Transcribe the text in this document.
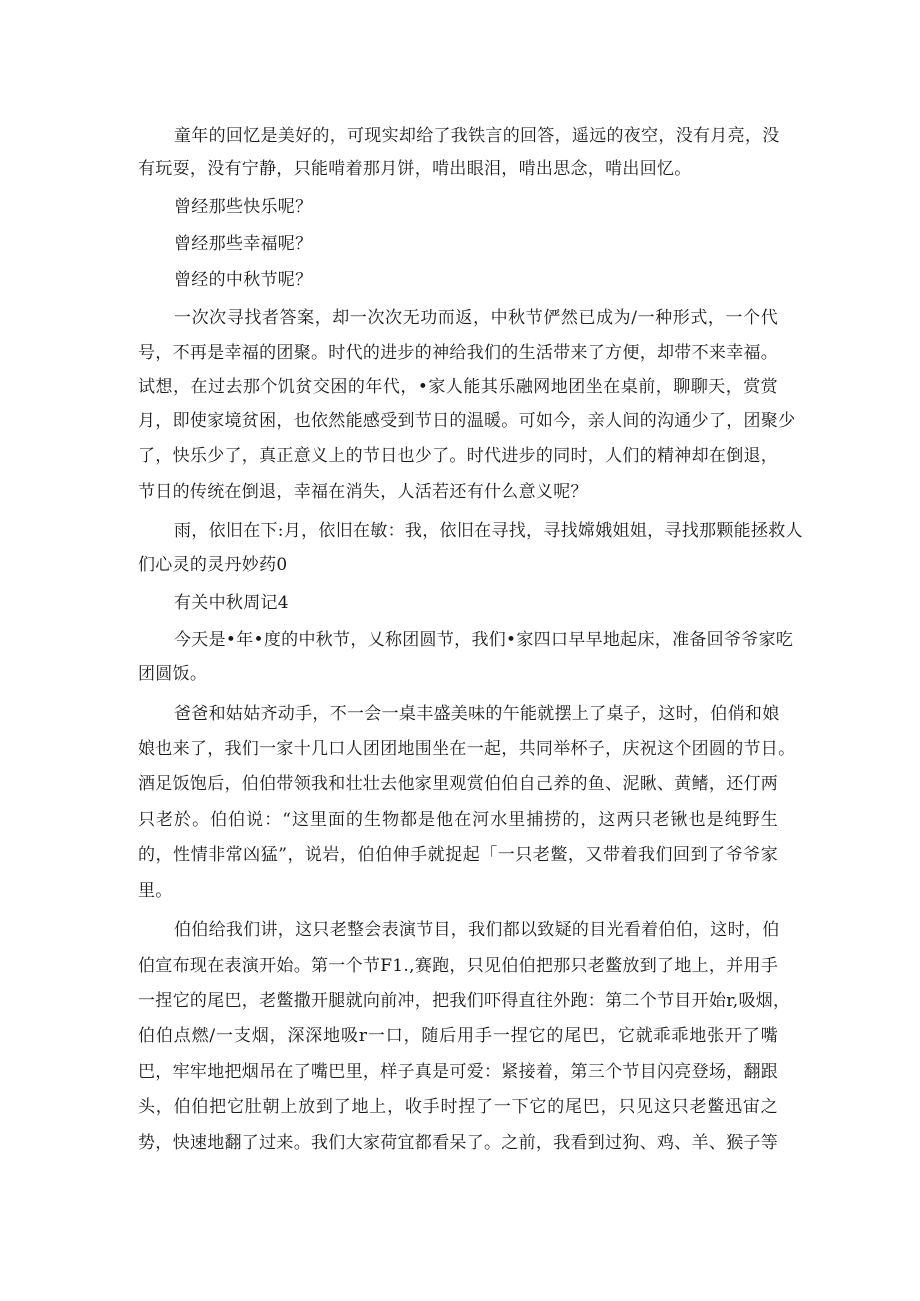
童年的回忆是美好的，可现实却给了我铁言的回答，遥远的夜空，没有月亮，没
有玩耍，没有宁静，只能啃着那月饼，啃出眼泪，啃出思念，啃出回忆。
曾经那些快乐呢？
曾经那些幸福呢？
曾经的中秋节呢？
一次次寻找者答案，却一次次无功而返，中秋节俨然已成为/一种形式，一个代
号，不再是幸福的团聚。时代的进步的神给我们的生活带来了方便，却带不来幸福。
试想，在过去那个饥贫交困的年代，•家人能其乐融网地团坐在桌前，聊聊天，赏赏
月，即使家境贫困，也依然能感受到节日的温暖。可如今，亲人间的沟通少了，团聚少
了，快乐少了，真正意义上的节日也少了。时代进步的同时，人们的精神却在倒退，
节日的传统在倒退，幸福在消失，人活若还有什么意义呢？
雨，依旧在下:月，依旧在敏：我，依旧在寻找，寻找嫦娥姐姐，寻找那颗能拯救人
们心灵的灵丹妙药0
有关中秋周记4
今天是•年•度的中秋节，乂称团圆节，我们•家四口早早地起床，准备回爷爷家吃
团圆饭。
爸爸和姑姑齐动手，不一会一桌丰盛美味的午能就摆上了桌子，这时，伯俏和娘
娘也来了，我们一家十几口人团团地围坐在一起，共同举杯子，庆祝这个团圆的节日。
酒足饭饱后，伯伯带领我和壮壮去他家里观赏伯伯自己养的鱼、泥瞅、黄鳍，还仃两
只老於。伯伯说：“这里面的生物都是他在河水里捕捞的，这两只老锹也是纯野生
的，性情非常凶猛”，说岩，伯伯伸手就捉起「一只老鳖，又带着我们回到了爷爷家
里。
伯伯给我们讲，这只老整会表演节目，我们都以致疑的目光看着伯伯，这时，伯
伯宣布现在表演开始。第一个节F1.,赛跑，只见伯伯把那只老鳖放到了地上，并用手
一捏它的尾巴，老鳖撒开腿就向前冲，把我们吓得直往外跑：第二个节目开始r,吸烟，
伯伯点燃/一支烟，深深地吸r一口，随后用手一捏它的尾巴，它就乖乖地张开了嘴
巴，牢牢地把烟吊在了嘴巴里，样子真是可爱：紧接着，第三个节目闪亮登场，翻跟
头，伯伯把它肚朝上放到了地上，收手时捏了一下它的尾巴，只见这只老鳖迅宙之
势，快速地翻了过来。我们大家荷宜都看呆了。之前，我看到过狗、鸡、羊、猴子等
